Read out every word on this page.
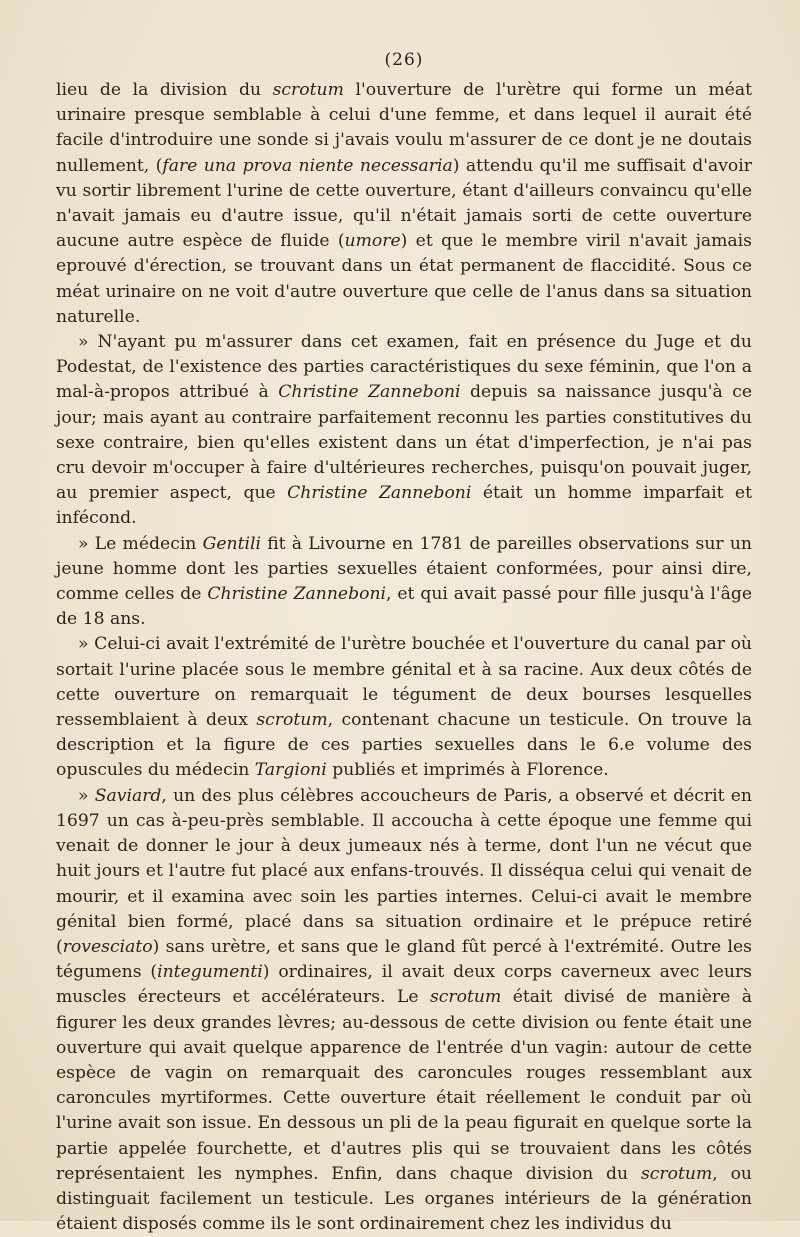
(26)

lieu de la division du scrotum l'ouverture de l'urètre qui forme un méat urinaire presque semblable à celui d'une femme, et dans lequel il aurait été facile d'introduire une sonde si j'avais voulu m'assurer de ce dont je ne doutais nullement, (fare una prova niente necessaria) attendu qu'il me suffisait d'avoir vu sortir librement l'urine de cette ouverture, étant d'ailleurs convaincu qu'elle n'avait jamais eu d'autre issue, qu'il n'était jamais sorti de cette ouverture aucune autre espèce de fluide (umore) et que le membre viril n'avait jamais eprouvé d'érection, se trouvant dans un état permanent de flaccidité. Sous ce méat urinaire on ne voit d'autre ouverture que celle de l'anus dans sa situation naturelle.

» N'ayant pu m'assurer dans cet examen, fait en présence du Juge et du Podestat, de l'existence des parties caractéristiques du sexe féminin, que l'on a mal-à-propos attribué à Christine Zanneboni depuis sa naissance jusqu'à ce jour; mais ayant au contraire parfaitement reconnu les parties constitutives du sexe contraire, bien qu'elles existent dans un état d'imperfection, je n'ai pas cru devoir m'occuper à faire d'ultérieures recherches, puisqu'on pouvait juger, au premier aspect, que Christine Zanneboni était un homme imparfait et infécond.

» Le médecin Gentili fit à Livourne en 1781 de pareilles observations sur un jeune homme dont les parties sexuelles étaient conformées, pour ainsi dire, comme celles de Christine Zanneboni, et qui avait passé pour fille jusqu'à l'âge de 18 ans.

» Celui-ci avait l'extrémité de l'urètre bouchée et l'ouverture du canal par où sortait l'urine placée sous le membre génital et à sa racine. Aux deux côtés de cette ouverture on remarquait le tégument de deux bourses lesquelles ressemblaient à deux scrotum, contenant chacune un testicule. On trouve la description et la figure de ces parties sexuelles dans le 6.e volume des opuscules du médecin Targioni publiés et imprimés à Florence.

» Saviard, un des plus célèbres accoucheurs de Paris, a observé et décrit en 1697 un cas à-peu-près semblable. Il accoucha à cette époque une femme qui venait de donner le jour à deux jumeaux nés à terme, dont l'un ne vécut que huit jours et l'autre fut placé aux enfans-trouvés. Il disséqua celui qui venait de mourir, et il examina avec soin les parties internes. Celui-ci avait le membre génital bien formé, placé dans sa situation ordinaire et le prépuce retiré (rovesciato) sans urètre, et sans que le gland fût percé à l'extrémité. Outre les tégumens (integumenti) ordinaires, il avait deux corps caverneux avec leurs muscles érecteurs et accélérateurs. Le scrotum était divisé de manière à figurer les deux grandes lèvres; au-dessous de cette division ou fente était une ouverture qui avait quelque apparence de l'entrée d'un vagin: autour de cette espèce de vagin on remarquait des caroncules rouges ressemblant aux caroncules myrtiformes. Cette ouverture était réellement le conduit par où l'urine avait son issue. En dessous un pli de la peau figurait en quelque sorte la partie appelée fourchette, et d'autres plis qui se trouvaient dans les côtés représentaient les nymphes. Enfin, dans chaque division du scrotum, ou distinguait facilement un testicule. Les organes intérieurs de la génération étaient disposés comme ils le sont ordinairement chez les individus du
